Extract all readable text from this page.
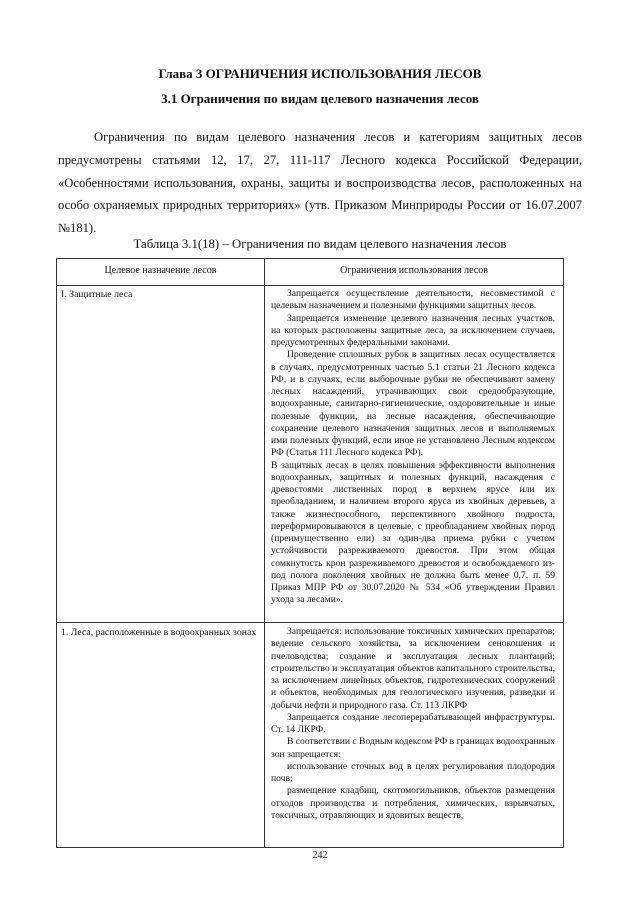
Глава 3 ОГРАНИЧЕНИЯ ИСПОЛЬЗОВАНИЯ ЛЕСОВ
3.1 Ограничения по видам целевого назначения лесов

Ограничения по видам целевого назначения лесов и категориям защитных лесов предусмотрены статьями 12, 17, 27, 111-117 Лесного кодекса Российской Федерации, «Особенностями использования, охраны, защиты и воспроизводства лесов, расположенных на особо охраняемых природных территориях» (утв. Приказом Минприроды России от 16.07.2007 №181).

Таблица 3.1(18) – Ограничения по видам целевого назначения лесов
Целевое назначение лесов	Ограничения использования лесов
I. Защитные леса	Запрещается осуществление деятельности, несовместимой с целевым назначением и полезными функциями защитных лесов.

Запрещается изменение целевого назначения лесных участков, на которых расположены защитные леса, за исключением случаев, предусмотренных федеральными законами.

Проведение сплошных рубок в защитных лесах осуществляется в случаях, предусмотренных частью 5.1 статьи 21 Лесного кодекса РФ, и в случаях, если выборочные рубки не обеспечивают замену лесных насаждений, утрачивающих свои средообразующие, водоохранные, санитарно-гигиенические, оздоровительные и иные полезные функции, на лесные насаждения, обеспечивающие сохранение целевого назначения защитных лесов и выполняемых ими полезных функций, если иное не установлено Лесным кодексом РФ (Статья 111 Лесного кодекса РФ).

В защитных лесах в целях повышения эффективности выполнения водоохранных, защитных и полезных функций, насаждения с древостоями лиственных пород в верхнем ярусе или их преобладанием, и наличием второго яруса из хвойных деревьев, а также жизнеспособного, перспективного хвойного подроста, переформировываются в целевые, с преобладанием хвойных пород (преимущественно ели) за один-два приема рубки с учетом устойчивости разреживаемого древостоя. При этом общая сомкнутость крон разреживаемого древостоя и освобождаемого из-под полога поколения хвойных не должна быть менее 0,7. п. 59 Приказ МПР РФ от 30.07.2020 № 534 «Об утверждении Правил ухода за лесами».

1. Леса, расположенные в водоохранных зонах	Запрещается: использование токсичных химических препаратов; ведение сельского хозяйства, за исключением сенокошения и пчеловодства; создание и эксплуатация лесных плантаций; строительство и эксплуатация объектов капитального строительства, за исключением линейных объектов, гидротехнических сооружений и объектов, необходимых для геологического изучения, разведки и добычи нефти и природного газа. Ст. 113 ЛКРФ

Запрещается создание лесоперерабатывающей инфраструктуры. Ст. 14 ЛКРФ.

В соответствии с Водным кодексом РФ в границах водоохранных зон запрещается:

использование сточных вод в целях регулирования плодородия почв;

размещение кладбищ, скотомогильников, объектов размещения отходов производства и потребления, химических, взрывчатых, токсичных, отравляющих и ядовитых веществ,

242
